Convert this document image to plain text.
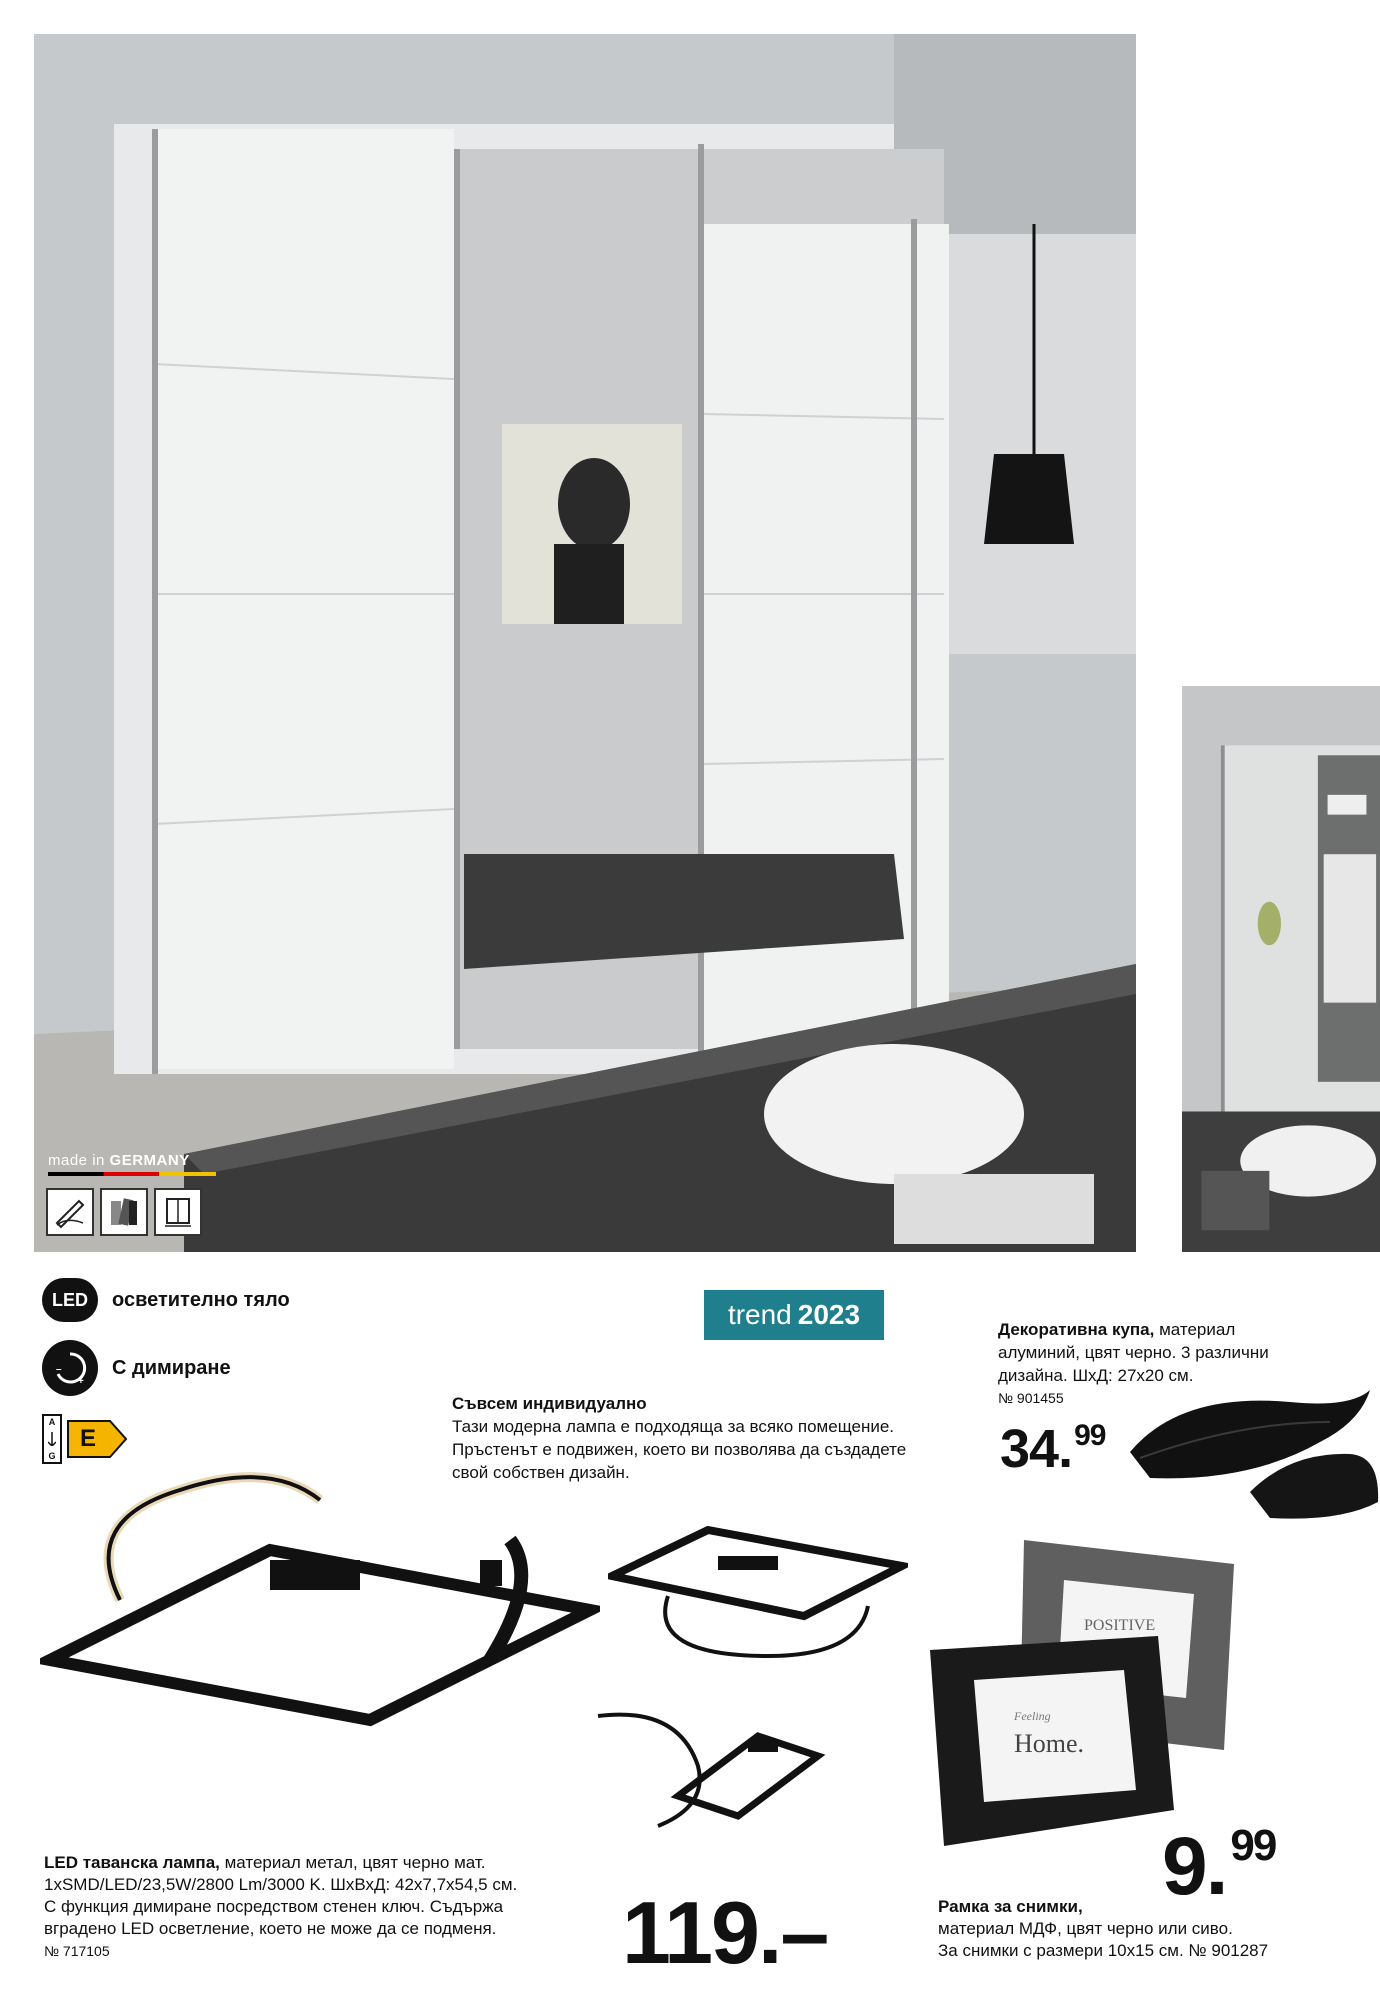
made in GERMANY
LED	осветително тяло
–
+
С димиране
A
G
E
trend 2023
Съвсем индивидуално
Тази модерна лампа е подходяща за всяко помещение. Пръстенът е подвижен, което ви позволява да създадете свой собствен дизайн.
Декоративна купа, материал алуминий, цвят черно. 3 различни дизайна. ШхД: 27x20 см.
№ 901455
34.99
POSITIVE
Feeling
Home.
9.99
LED таванска лампа, материал метал, цвят черно мат.
1xSMD/LED/23,5W/2800 Lm/3000 K. ШхВхД: 42x7,7x54,5 см.
С функция димиране посредством стенен ключ. Съдържа
вградено LED осветление, което не може да се подменя.
№ 717105	119.–	Рамка за снимки,
материал МДФ, цвят черно или сиво.
За снимки с размери 10x15 см. № 901287
